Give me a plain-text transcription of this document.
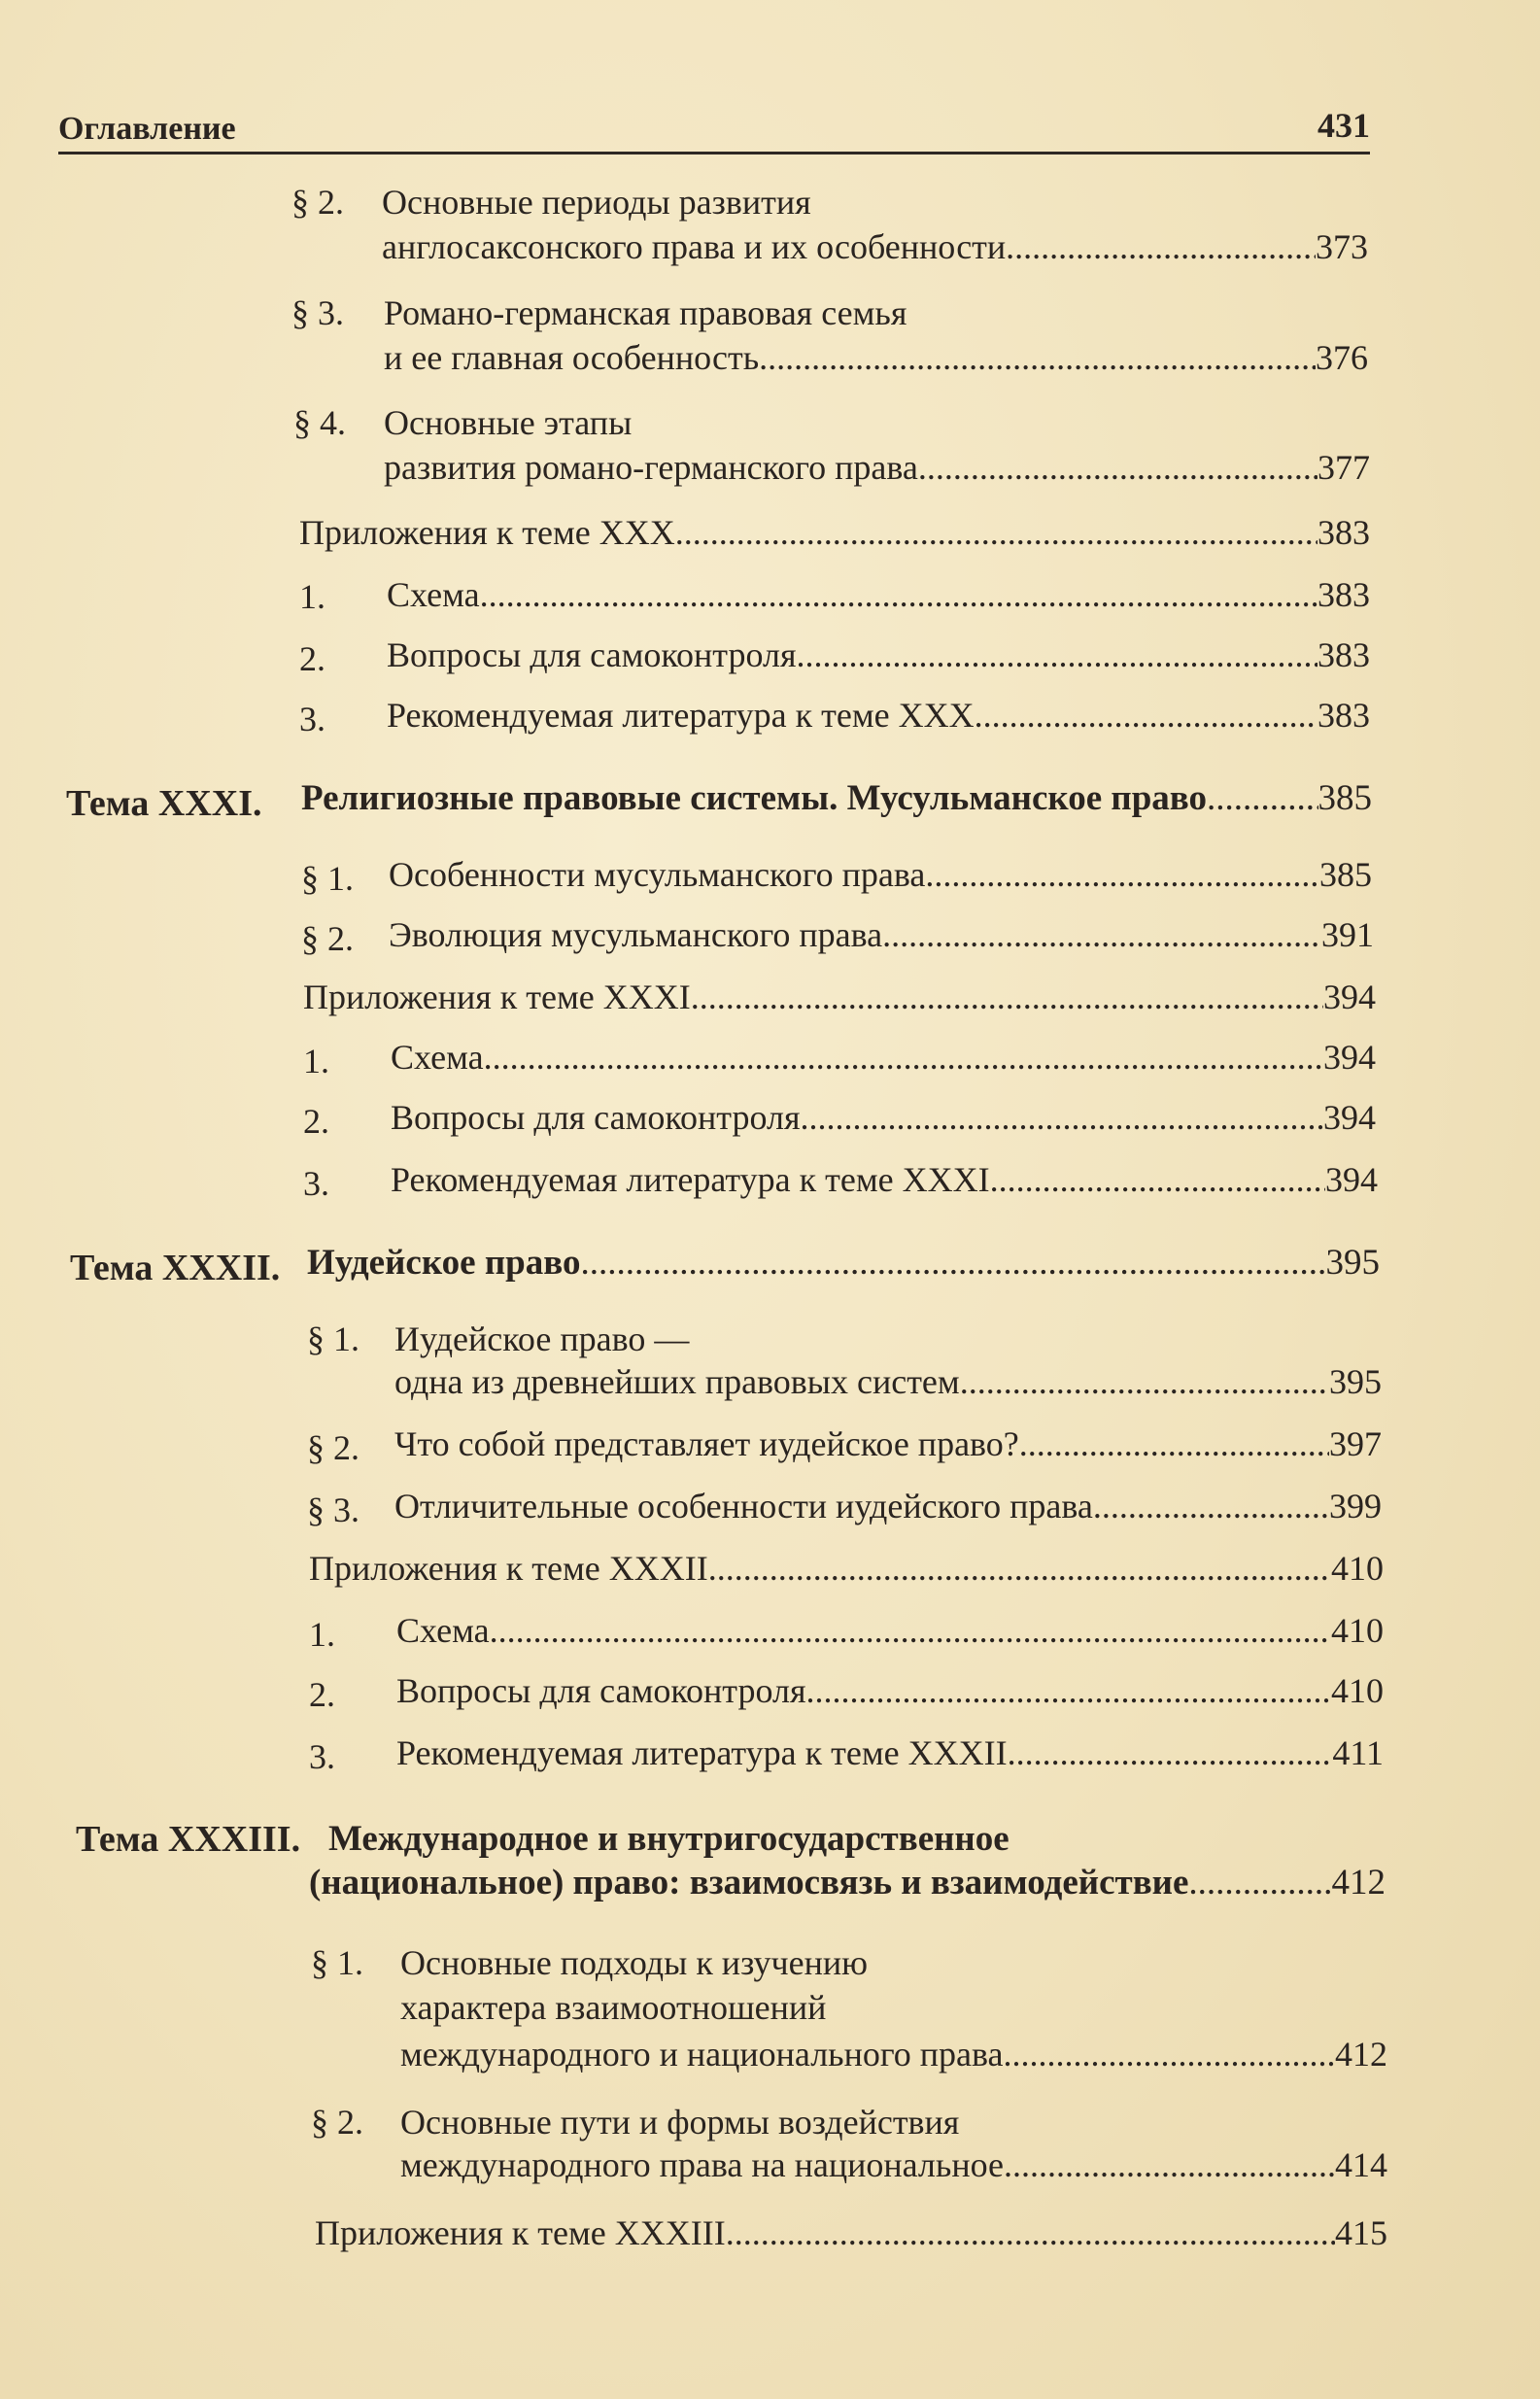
Оглавление	431
§ 2. Основные периоды развития
англосаксонского права и их особенности .....	373
§ 3. Романо-германская правовая семья
и ее главная особенность .....	376
§ 4. Основные этапы
развития романо-германского права .....	377
Приложения к теме XXX .....	383
1. Схема .....	383
2. Вопросы для самоконтроля .....	383
3. Рекомендуемая литература к теме XXX .....	383
Тема XXXI. Религиозные правовые системы. Мусульманское право .....	385
§ 1. Особенности мусульманского права .....	385
§ 2. Эволюция мусульманского права .....	391
Приложения к теме XXXI .....	394
1. Схема .....	394
2. Вопросы для самоконтроля .....	394
3. Рекомендуемая литература к теме XXXI .....	394
Тема XXXII. Иудейское право .....	395
§ 1. Иудейское право —
одна из древнейших правовых систем .....	395
§ 2. Что собой представляет иудейское право? .....	397
§ 3. Отличительные особенности иудейского права .....	399
Приложения к теме XXXII .....	410
1. Схема .....	410
2. Вопросы для самоконтроля .....	410
3. Рекомендуемая литература к теме XXXII .....	411
Тема XXXIII. Международное и внутригосударственное
(национальное) право: взаимосвязь и взаимодействие .....	412
§ 1. Основные подходы к изучению
характера взаимоотношений
международного и национального права .....	412
§ 2. Основные пути и формы воздействия
международного права на национальное .....	414
Приложения к теме XXXIII .....	415
